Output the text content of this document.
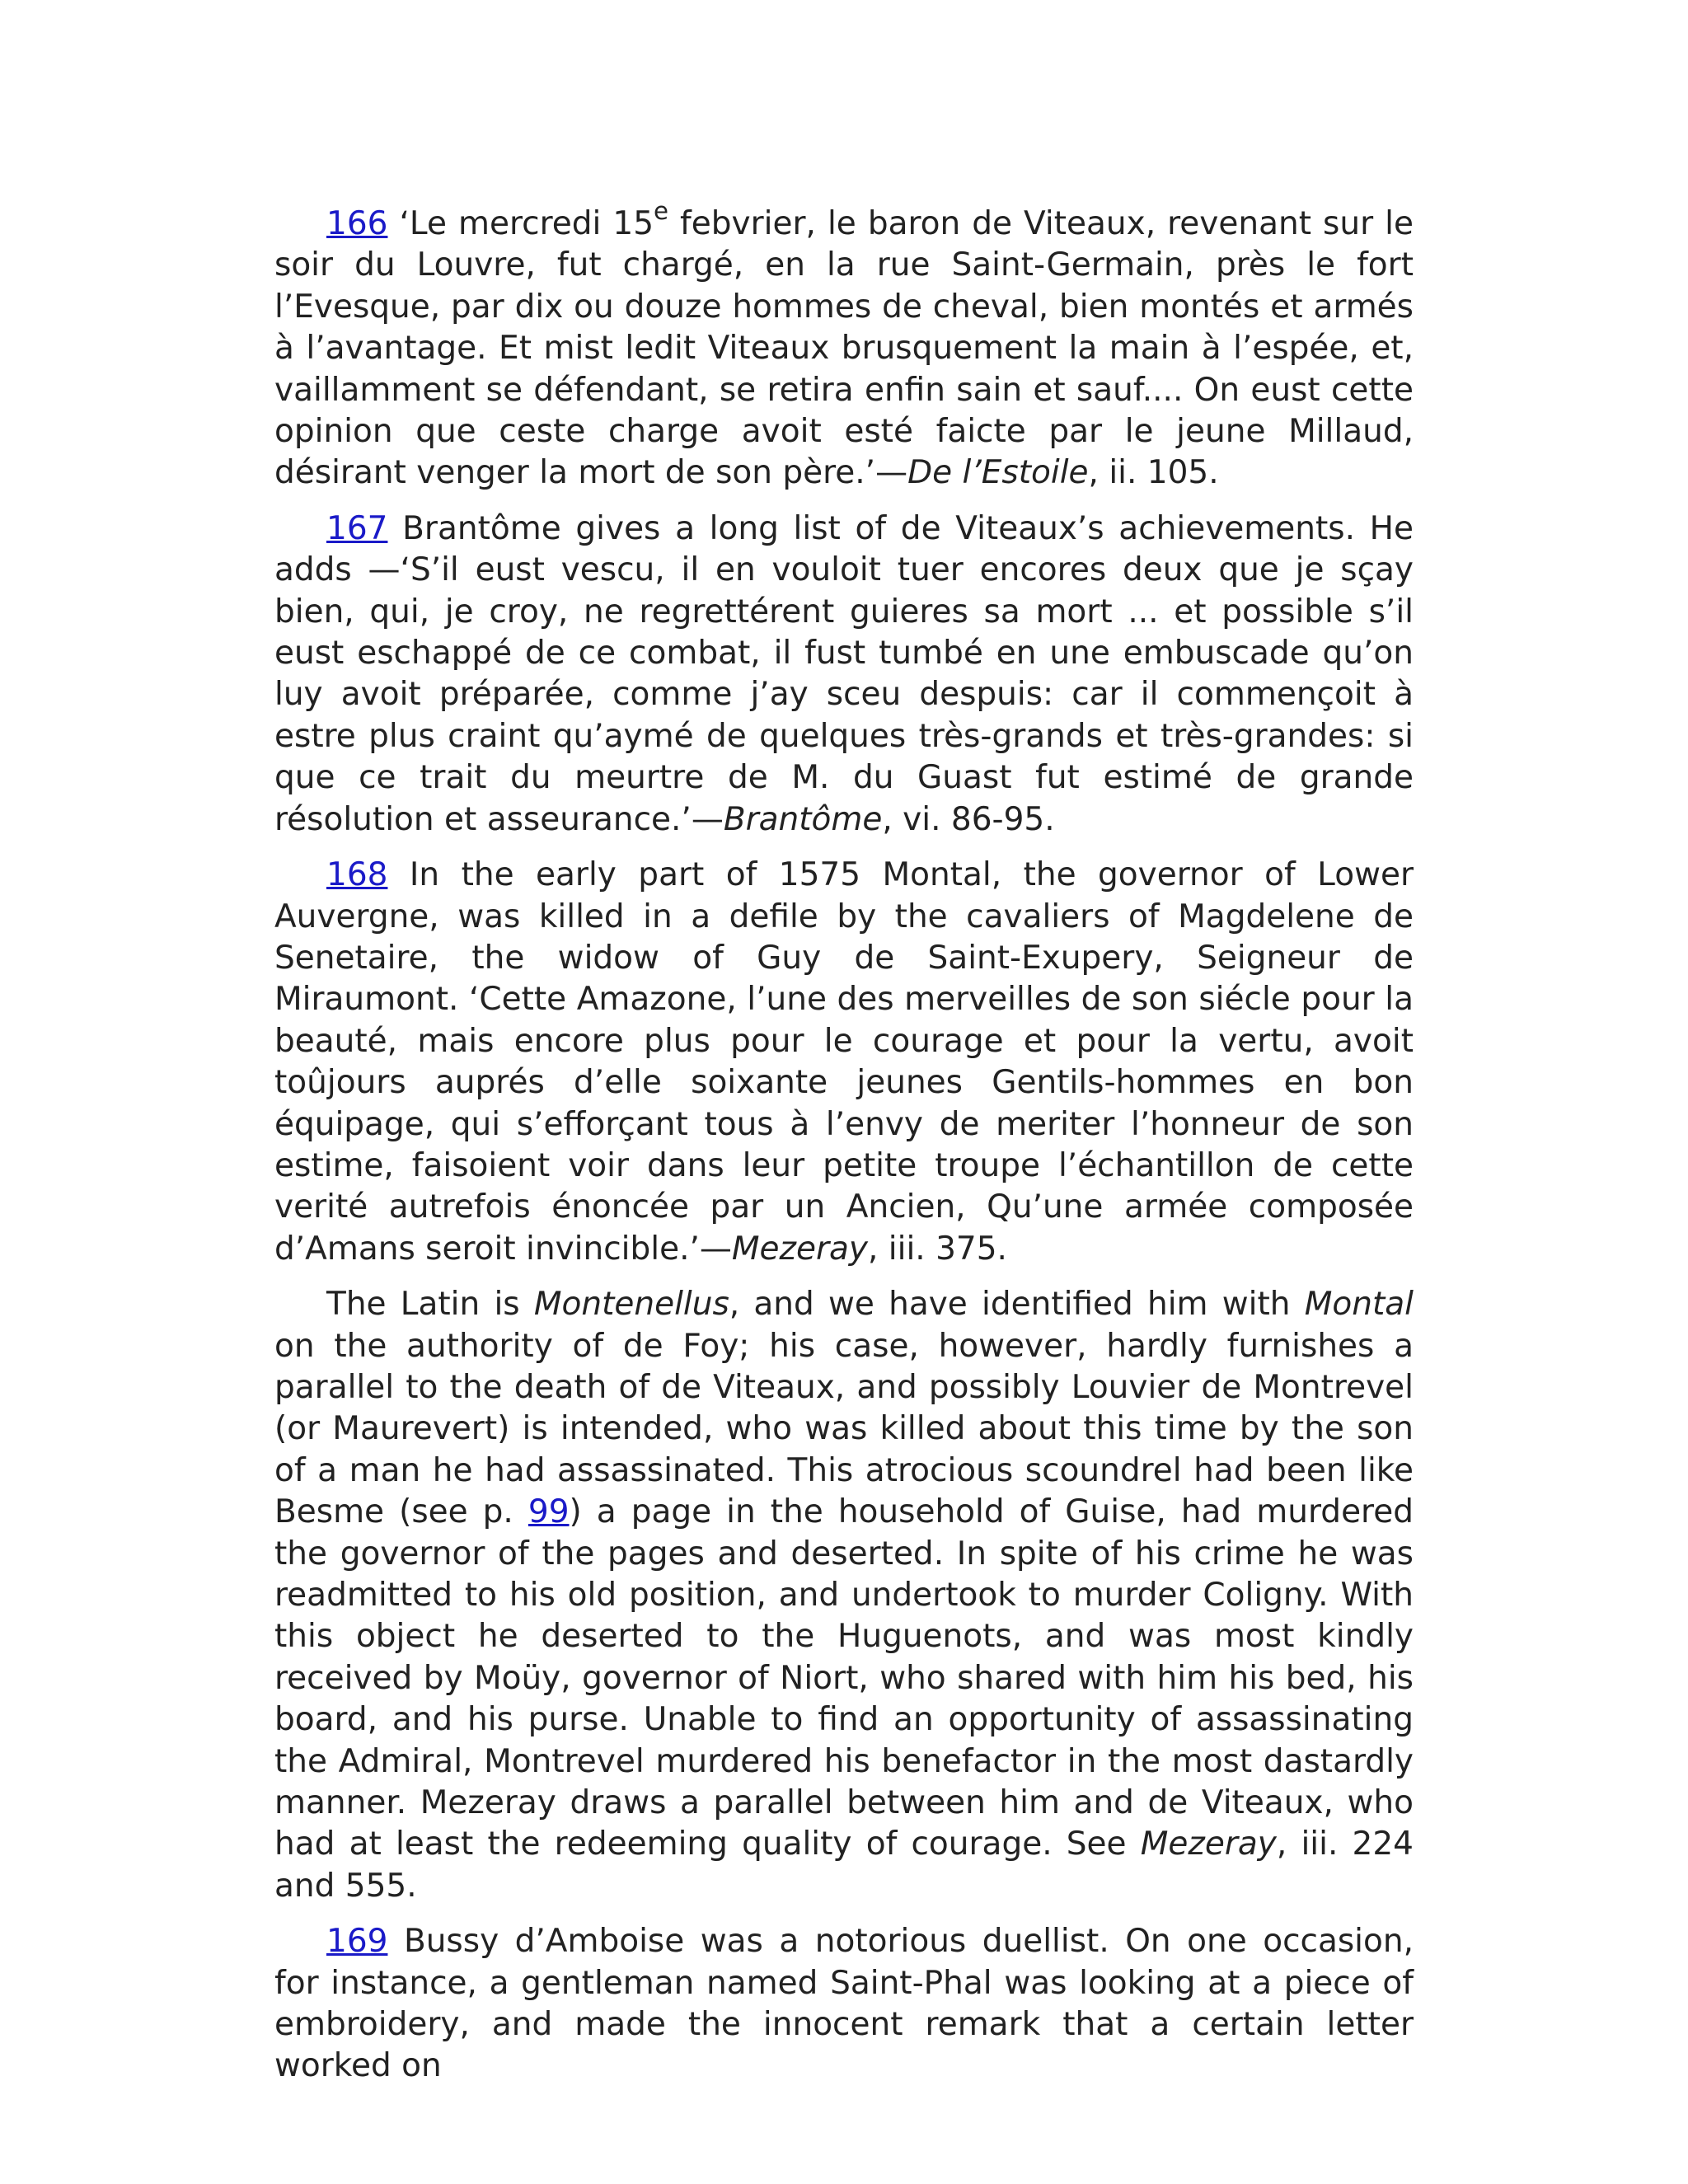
166 ‘Le mercredi 15e febvrier, le baron de Viteaux, revenant sur le soir du Louvre, fut chargé, en la rue Saint-Germain, près le fort l’Evesque, par dix ou douze hommes de cheval, bien montés et armés à l’avantage. Et mist ledit Viteaux brusquement la main à l’espée, et, vaillamment se défendant, se retira enfin sain et sauf.... On eust cette opinion que ceste charge avoit esté faicte par le jeune Millaud, désirant venger la mort de son père.’—De l’Estoile, ii. 105.

167 Brantôme gives a long list of de Viteaux’s achievements. He adds —‘S’il eust vescu, il en vouloit tuer encores deux que je sçay bien, qui, je croy, ne regrettérent guieres sa mort ... et possible s’il eust eschappé de ce combat, il fust tumbé en une embuscade qu’on luy avoit préparée, comme j’ay sceu despuis: car il commençoit à estre plus craint qu’aymé de quelques très-grands et très-grandes: si que ce trait du meurtre de M. du Guast fut estimé de grande résolution et asseurance.’—Brantôme, vi. 86-95.

168 In the early part of 1575 Montal, the governor of Lower Auvergne, was killed in a defile by the cavaliers of Magdelene de Senetaire, the widow of Guy de Saint-Exupery, Seigneur de Miraumont. ‘Cette Amazone, l’une des merveilles de son siécle pour la beauté, mais encore plus pour le courage et pour la vertu, avoit toûjours auprés d’elle soixante jeunes Gentils-hommes en bon équipage, qui s’efforçant tous à l’envy de meriter l’honneur de son estime, faisoient voir dans leur petite troupe l’échantillon de cette verité autrefois énoncée par un Ancien, Qu’une armée composée d’Amans seroit invincible.’—Mezeray, iii. 375.

The Latin is Montenellus, and we have identified him with Montal on the authority of de Foy; his case, however, hardly furnishes a parallel to the death of de Viteaux, and possibly Louvier de Montrevel (or Maurevert) is intended, who was killed about this time by the son of a man he had assassinated. This atrocious scoundrel had been like Besme (see p. 99) a page in the household of Guise, had murdered the governor of the pages and deserted. In spite of his crime he was readmitted to his old position, and undertook to murder Coligny. With this object he deserted to the Huguenots, and was most kindly received by Moüy, governor of Niort, who shared with him his bed, his board, and his purse. Unable to find an opportunity of assassinating the Admiral, Montrevel murdered his benefactor in the most dastardly manner. Mezeray draws a parallel between him and de Viteaux, who had at least the redeeming quality of courage. See Mezeray, iii. 224 and 555.

169 Bussy d’Amboise was a notorious duellist. On one occasion, for instance, a gentleman named Saint-Phal was looking at a piece of embroidery, and made the innocent remark that a certain letter worked on
